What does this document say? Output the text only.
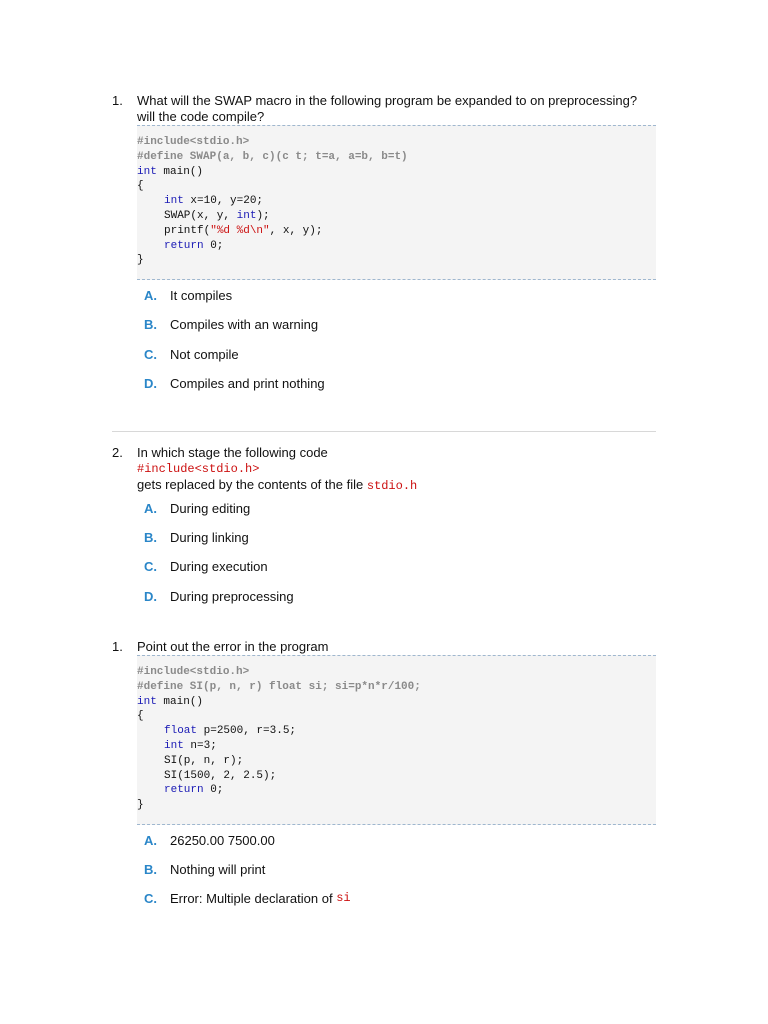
1.	What will the SWAP macro in the following program be expanded to on preprocessing?
will the code compile?
#include<stdio.h>
#define SWAP(a, b, c)(c t; t=a, a=b, b=t)
int main()
{
int x=10, y=20;
SWAP(x, y, int);
printf("%d %d\n", x, y);
return 0;
}
A.	It compiles
B.	Compiles with an warning
C.	Not compile
D.	Compiles and print nothing
2.	In which stage the following code
#include<stdio.h>
gets replaced by the contents of the file stdio.h
A.	During editing
B.	During linking
C.	During execution
D.	During preprocessing
1.	Point out the error in the program
#include<stdio.h>
#define SI(p, n, r) float si; si=p*n*r/100;
int main()
{
float p=2500, r=3.5;
int n=3;
SI(p, n, r);
SI(1500, 2, 2.5);
return 0;
}
A.	26250.00 7500.00
B.	Nothing will print
C.	Error: Multiple declaration of si
